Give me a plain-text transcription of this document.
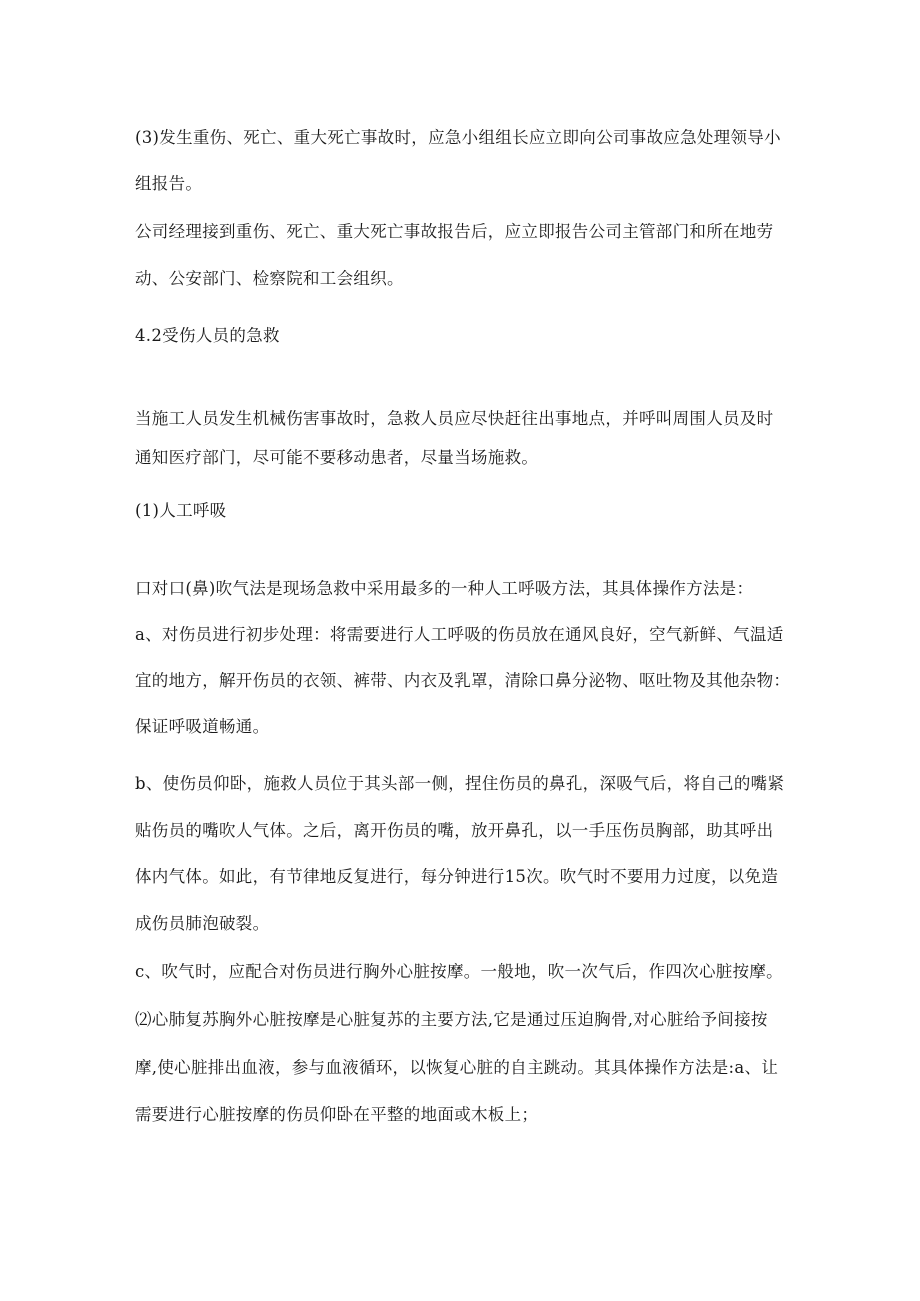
(3)发生重伤、死亡、重大死亡事故时，应急小组组长应立即向公司事故应急处理领导小
组报告。
公司经理接到重伤、死亡、重大死亡事故报告后，应立即报告公司主管部门和所在地劳
动、公安部门、检察院和工会组织。
4.2受伤人员的急救
当施工人员发生机械伤害事故时，急救人员应尽快赶往出事地点，并呼叫周围人员及时
通知医疗部门，尽可能不要移动患者，尽量当场施救。
(1)人工呼吸
口对口(鼻)吹气法是现场急救中采用最多的一种人工呼吸方法，其具体操作方法是：
a、对伤员进行初步处理：将需要进行人工呼吸的伤员放在通风良好，空气新鲜、气温适
宜的地方，解开伤员的衣领、裤带、内衣及乳罩，清除口鼻分泌物、呕吐物及其他杂物：
保证呼吸道畅通。
b、使伤员仰卧，施救人员位于其头部一侧，捏住伤员的鼻孔，深吸气后，将自己的嘴紧
贴伤员的嘴吹人气体。之后，离开伤员的嘴，放开鼻孔，以一手压伤员胸部，助其呼出
体内气体。如此，有节律地反复进行，每分钟进行15次。吹气时不要用力过度，以免造
成伤员肺泡破裂。
c、吹气时，应配合对伤员进行胸外心脏按摩。一般地，吹一次气后，作四次心脏按摩。
⑵心肺复苏胸外心脏按摩是心脏复苏的主要方法,它是通过压迫胸骨,对心脏给予间接按
摩,使心脏排出血液，参与血液循环，以恢复心脏的自主跳动。其具体操作方法是:a、让
需要进行心脏按摩的伤员仰卧在平整的地面或木板上；
